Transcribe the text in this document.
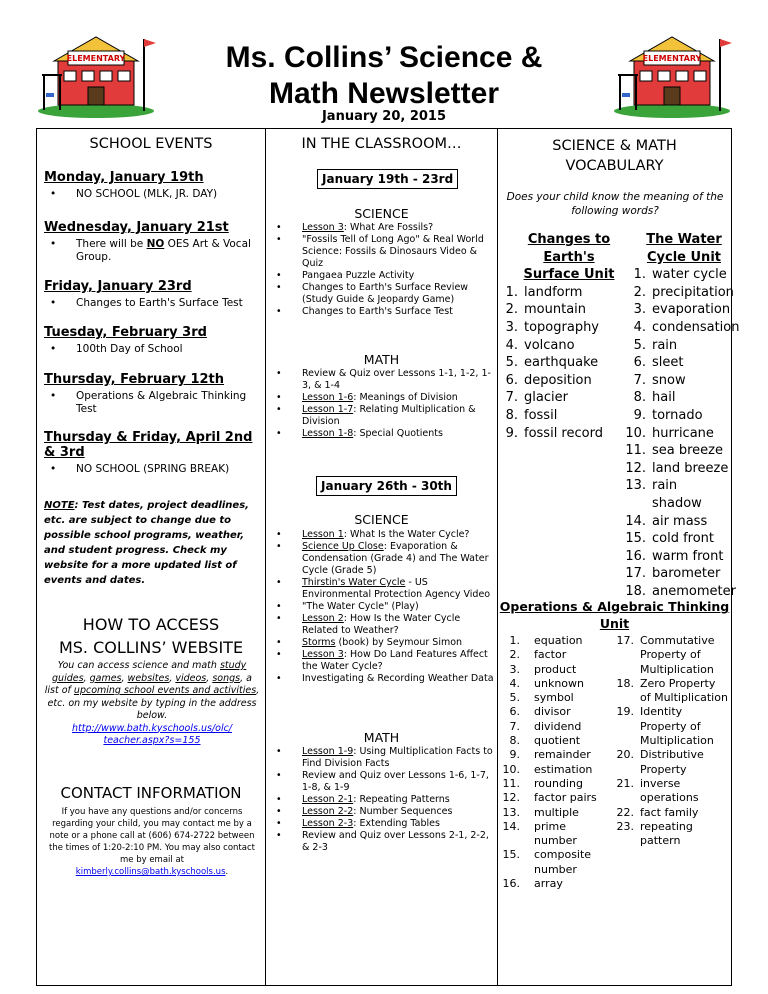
ELEMENTARY	ELEMENTARY
Ms. Collins’ Science &
Math Newsletter
January 20, 2015
SCHOOL EVENTS
Monday, January 19th
• NO SCHOOL (MLK, JR. DAY)
Wednesday, January 21st
• There will be NO OES Art & Vocal Group.
Friday, January 23rd
• Changes to Earth's Surface Test
Tuesday, February 3rd
• 100th Day of School
Thursday, February 12th
• Operations & Algebraic Thinking Test
Thursday & Friday, April 2nd & 3rd
• NO SCHOOL (SPRING BREAK)
NOTE: Test dates, project deadlines, etc. are subject to change due to possible school programs, weather, and student progress. Check my website for a more updated list of events and dates.
HOW TO ACCESS
MS. COLLINS’ WEBSITE
You can access science and math study guides, games, websites, videos, songs, a list of upcoming school events and activities, etc. on my website by typing in the address below.
http://www.bath.kyschools.us/olc/
teacher.aspx?s=155
CONTACT INFORMATION
If you have any questions and/or concerns regarding your child, you may contact me by a note or a phone call at (606) 674-2722 between the times of 1:20-2:10 PM. You may also contact me by email at kimberly.collins@bath.kyschools.us.
IN THE CLASSROOM…
January 19th - 23rd
SCIENCE
• Lesson 3: What Are Fossils?
• "Fossils Tell of Long Ago" & Real World Science: Fossils & Dinosaurs Video & Quiz
• Pangaea Puzzle Activity
• Changes to Earth's Surface Review (Study Guide & Jeopardy Game)
• Changes to Earth's Surface Test
MATH
• Review & Quiz over Lessons 1-1, 1-2, 1-3, & 1-4
• Lesson 1-6: Meanings of Division
• Lesson 1-7: Relating Multiplication & Division
• Lesson 1-8: Special Quotients
January 26th - 30th
SCIENCE
• Lesson 1: What Is the Water Cycle?
• Science Up Close: Evaporation & Condensation (Grade 4) and The Water Cycle (Grade 5)
• Thirstin's Water Cycle - US Environmental Protection Agency Video
• "The Water Cycle" (Play)
• Lesson 2: How Is the Water Cycle Related to Weather?
• Storms (book) by Seymour Simon
• Lesson 3: How Do Land Features Affect the Water Cycle?
• Investigating & Recording Weather Data
MATH
• Lesson 1-9: Using Multiplication Facts to Find Division Facts
• Review and Quiz over Lessons 1-6, 1-7, 1-8, & 1-9
• Lesson 2-1: Repeating Patterns
• Lesson 2-2: Number Sequences
• Lesson 2-3: Extending Tables
• Review and Quiz over Lessons 2-1, 2-2, & 2-3
SCIENCE & MATH
VOCABULARY
Does your child know the meaning of the following words?
Changes to
Earth's
Surface Unit
1. landform
2. mountain
3. topography
4. volcano
5. earthquake
6. deposition
7. glacier
8. fossil
9. fossil record
The Water
Cycle Unit
1. water cycle
2. precipitation
3. evaporation
4. condensation
5. rain
6. sleet
7. snow
8. hail
9. tornado
10. hurricane
11. sea breeze
12. land breeze
13. rain shadow
14. air mass
15. cold front
16. warm front
17. barometer
18. anemometer
Operations & Algebraic Thinking
Unit
1. equation
2. factor
3. product
4. unknown
5. symbol
6. divisor
7. dividend
8. quotient
9. remainder
10. estimation
11. rounding
12. factor pairs
13. multiple
14. prime number
15. composite number
16. array
17. Commutative Property of Multiplication
18. Zero Property of Multiplication
19. Identity Property of Multiplication
20. Distributive Property
21. inverse operations
22. fact family
23. repeating pattern
